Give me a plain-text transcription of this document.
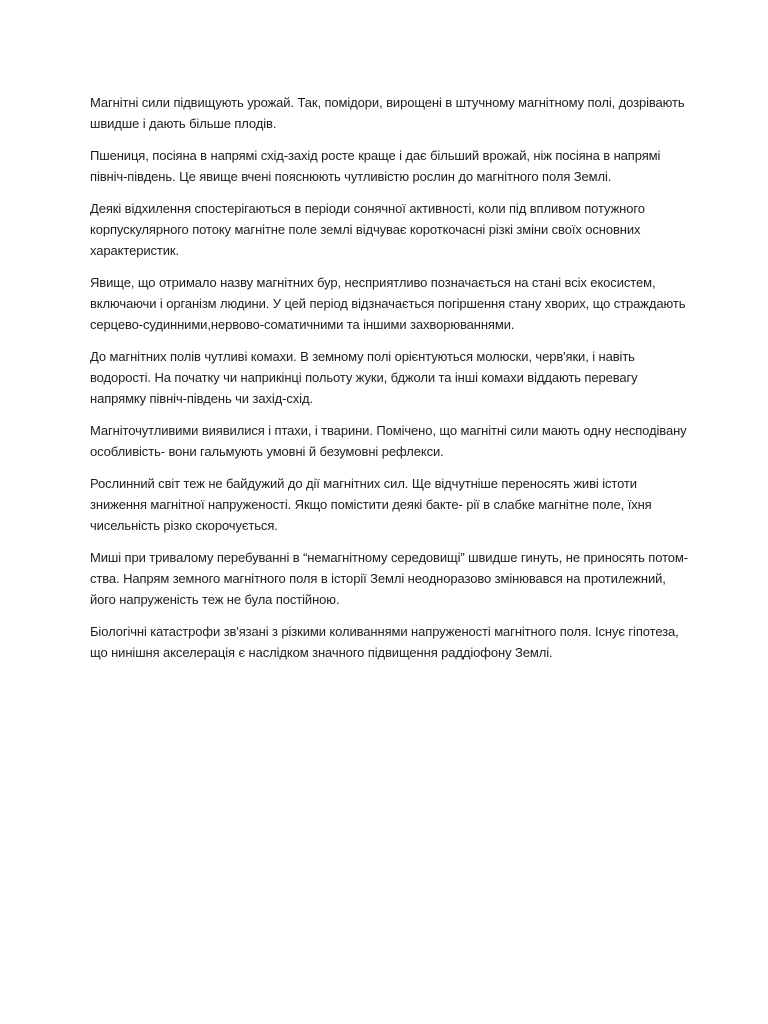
Магнітні сили підвищують урожай. Так, помідори, вирощені в штучному магнітному полі, дозрівають швидше і дають більше плодів.

Пшениця, посіяна в напрямі схід-захід росте краще і дає більший врожай, ніж посіяна в напрямі північ-південь. Це явище вчені пояснюють чутливістю рослин до магнітного поля Землі.

Деякі відхилення спостерігаються в періоди сонячної активності, коли під впливом потужного корпускулярного потоку магнітне поле землі відчуває короткочасні різкі зміни своїх основних характеристик.

Явище, що отримало назву магнітних бур, несприятливо позначається на стані всіх екосистем, включаючи і організм людини. У цей період відзначається погіршення стану хворих, що страждають серцево-судинними,нервово-соматичними та іншими захворюваннями.

До магнітних полів чутливі комахи. В земному полі орієнтуються молюски, черв'яки, і навіть водорості. На початку чи наприкінці польоту жуки, бджоли та інші комахи віддають перевагу напрямку північ-південь чи захід-схід.

Магніточутливими виявилися і птахи, і тварини. Помічено, що магнітні сили мають одну несподівану особливість- вони гальмують умовні й безумовні рефлекси.

Рослинний світ теж не байдужий до дії магнітних сил. Ще відчутніше переносять живі істоти зниження магнітної напруженості. Якщо помістити деякі бакте- рії в слабке магнітне поле, їхня чисельність різко скорочується.

Миші при тривалому перебуванні в “немагнітному середовищі” швидше гинуть, не приносять потом- ства. Напрям земного магнітного поля в історії Землі неодноразово змінювався на протилежний, його напруженість теж не була постійною.

Біологічні катастрофи зв'язані з різкими коливаннями напруженості магнітного поля. Існує гіпотеза, що нинішня акселерація є наслідком значного підвищення раддіофону Землі.
